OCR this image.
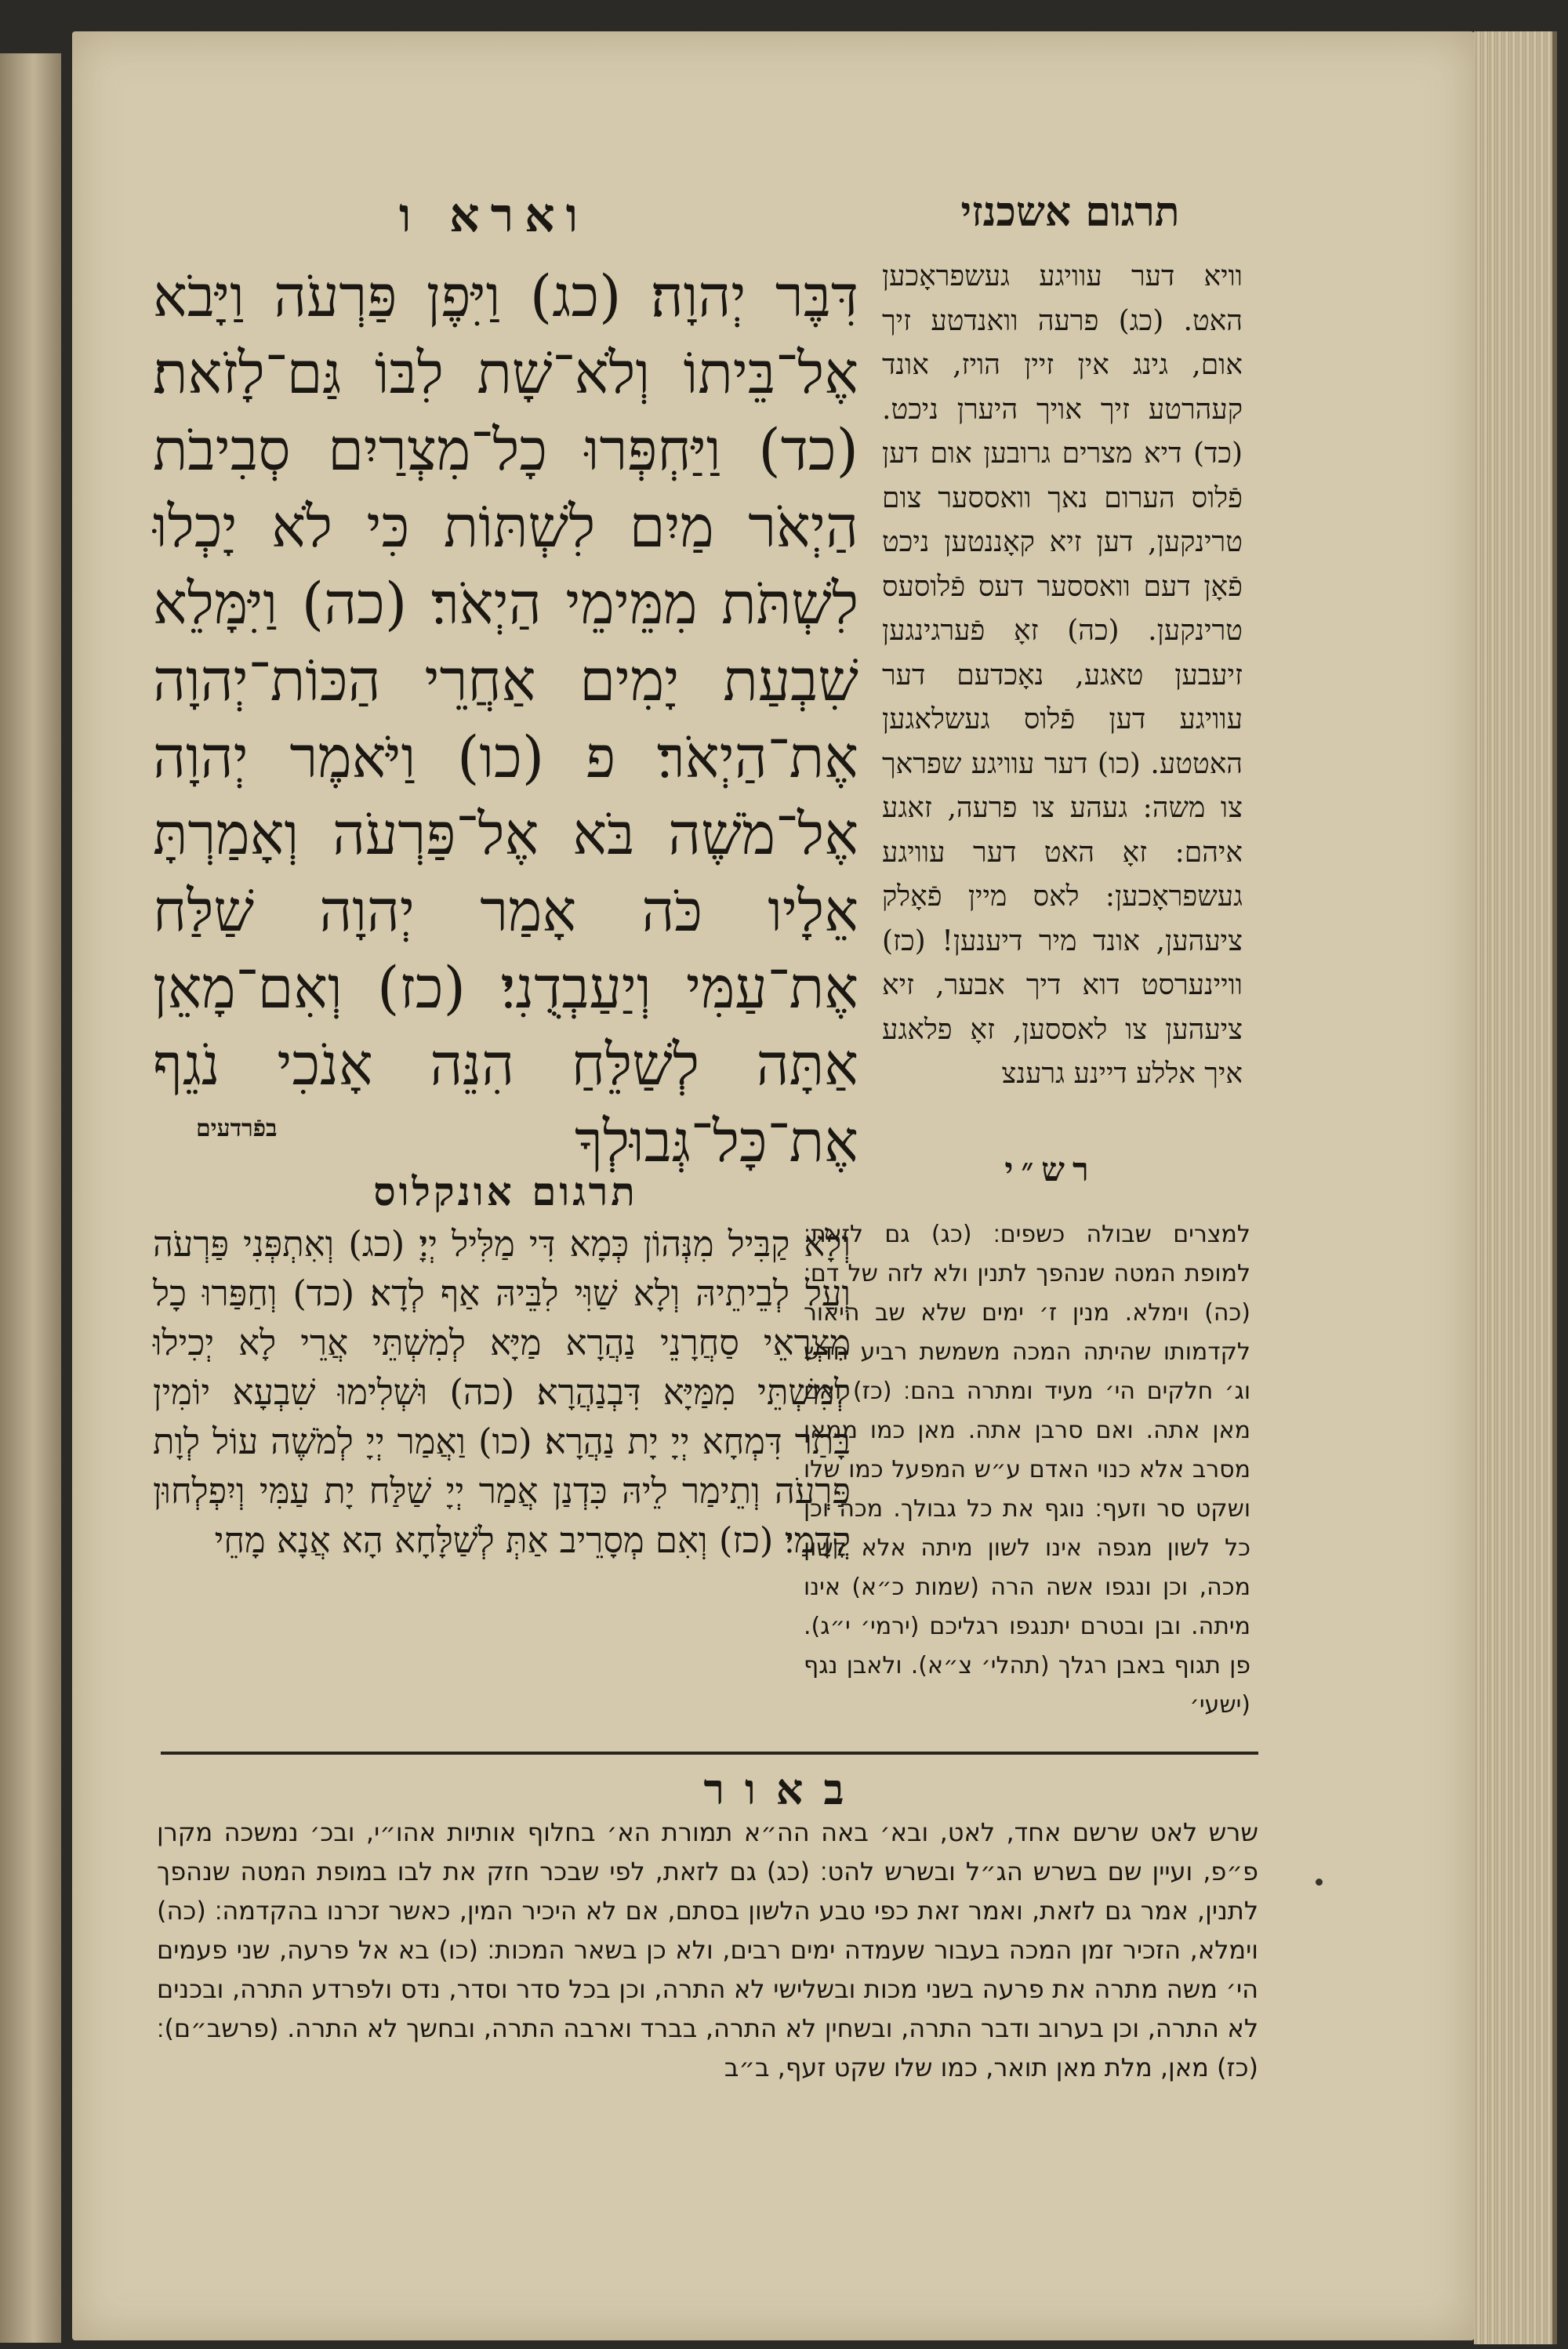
תרגום אשכנזי
וארא ו
דִּבֶּר יְהוָה׃ (כג) וַיִּפֶן פַּרְעֹה וַיָּבֹא אֶל־בֵּיתוֹ וְלֹא־שָׁת לִבּוֹ גַּם־לָזֹאת׃ (כד) וַיַּחְפְּרוּ כָל־מִצְרַיִם סְבִיבֹת הַיְאֹר מַיִם לִשְׁתּוֹת כִּי לֹא יָכְלוּ לִשְׁתֹּת מִמֵּימֵי הַיְאֹר׃ (כה) וַיִּמָּלֵא שִׁבְעַת יָמִים אַחֲרֵי הַכּוֹת־יְהוָה אֶת־הַיְאֹר׃ פ (כו) וַיֹּאמֶר יְהוָה אֶל־מֹשֶׁה בֹּא אֶל־פַּרְעֹה וְאָמַרְתָּ אֵלָיו כֹּה אָמַר יְהוָה שַׁלַּח אֶת־עַמִּי וְיַעַבְדֻנִי׃ (כז) וְאִם־מָאֵן אַתָּה לְשַׁלֵּחַ הִנֵּה אָנֹכִי נֹגֵף אֶת־כָּל־גְּבוּלְךָ
וויא דער עוויגע געשפראָכען האט. (כג) פרעה וואנדטע זיך אום, גינג אין זיין הויז, אונד קעהרטע זיך אויך היערן ניכט. (כד) דיא מצרים גרובען אום דען פֿלוס הערום נאך וואססער צום טרינקען, דען זיא קאָננטען ניכט פֿאָן דעם וואססער דעס פֿלוסעס טרינקען. (כה) זאָ פֿערגינגען זיעבען טאגע, נאָכדעם דער עוויגע דען פֿלוס געשלאגען האטטע. (כו) דער עוויגע שפראך צו משה: געהע צו פרעה, זאגע איהם: זאָ האט דער עוויגע געשפראָכען: לאס מיין פֿאָלק ציעהען, אונד מיר דיענען! (כז) וויינערסט דוא דיך אבער, זיא ציעהען צו לאססען, זאָ פלאגע איך אללע דיינע גרענצ
בפֿרדעים
תרגום אונקלוס
וְלָא קַבִּיל מִנְּהוֹן כְּמָא דִּי מַלִּיל יְיָ׃ (כג) וְאִתְפְּנִי פַּרְעֹה וְעַל לְבֵיתֵיהּ וְלָא שַׁוִּי לִבֵּיהּ אַף לְדָא׃ (כד) וְחַפַּרוּ כָל מִצְרָאֵי סַחֲרָנֵי נַהֲרָא מַיָּא לְמִשְׁתֵּי אֲרֵי לָא יְכִילוּ לְמִשְׁתֵּי מִמַּיָּא דִּבְנַהֲרָא׃ (כה) וּשְׁלִימוּ שִׁבְעָא יוֹמִין בָּתַר דִּמְחָא יְיָ יָת נַהֲרָא׃ (כו) וַאֲמַר יְיָ לְמֹשֶׁה עוֹל לְוָת פַּרְעֹה וְתֵימַר לֵיהּ כִּדְנַן אֲמַר יְיָ שַׁלַּח יָת עַמִּי וְיִפְלְחוּן קֳדָמַי׃ (כז) וְאִם מְסָרֵיב אַתְּ לְשַׁלָּחָא הָא אֲנָא מָחֵי
רש״י
למצרים שבולה כשפים׃ (כג) גם לזאת׃ למופת המטה שנהפך לתנין ולא לזה של דם׃ (כה) וימלא. מנין ז׳ ימים שלא שב היאור לקדמותו שהיתה המכה משמשת רביע חדש וג׳ חלקים הי׳ מעיד ומתרה בהם׃ (כז) ואם מאן אתה. ואם סרבן אתה. מאן כמו ממאן מסרב אלא כנוי האדם ע״ש המפעל כמו שלו ושקט סר וזעף׃ נוגף את כל גבולך. מכה וכן כל לשון מגפה אינו לשון מיתה אלא לשון מכה, וכן ונגפו אשה הרה (שמות כ״א) אינו מיתה. ובן ובטרם יתנגפו רגליכם (ירמי׳ י״ג). פן תגוף באבן רגלך (תהלי׳ צ״א). ולאבן נגף (ישעי׳
באור
שרש לאט שרשם אחד, לאט, ובא׳ באה הה״א תמורת הא׳ בחלוף אותיות אהו״י, ובכ׳ נמשכה מקרן פ״פ, ועיין שם בשרש הג״ל ובשרש להט׃ (כג) גם לזאת, לפי שבכר חזק את לבו במופת המטה שנהפך לתנין, אמר גם לזאת, ואמר זאת כפי טבע הלשון בסתם, אם לא היכיר המין, כאשר זכרנו בהקדמה׃ (כה) וימלא, הזכיר זמן המכה בעבור שעמדה ימים רבים, ולא כן בשאר המכות׃ (כו) בא אל פרעה, שני פעמים הי׳ משה מתרה את פרעה בשני מכות ובשלישי לא התרה, וכן בכל סדר וסדר, נדס ולפרדע התרה, ובכנים לא התרה, וכן בערוב ודבר התרה, ובשחין לא התרה, בברד וארבה התרה, ובחשך לא התרה. (פרשב״ם)׃ (כז) מאן, מלת מאן תואר, כמו שלו שקט זעף, ב״ב
